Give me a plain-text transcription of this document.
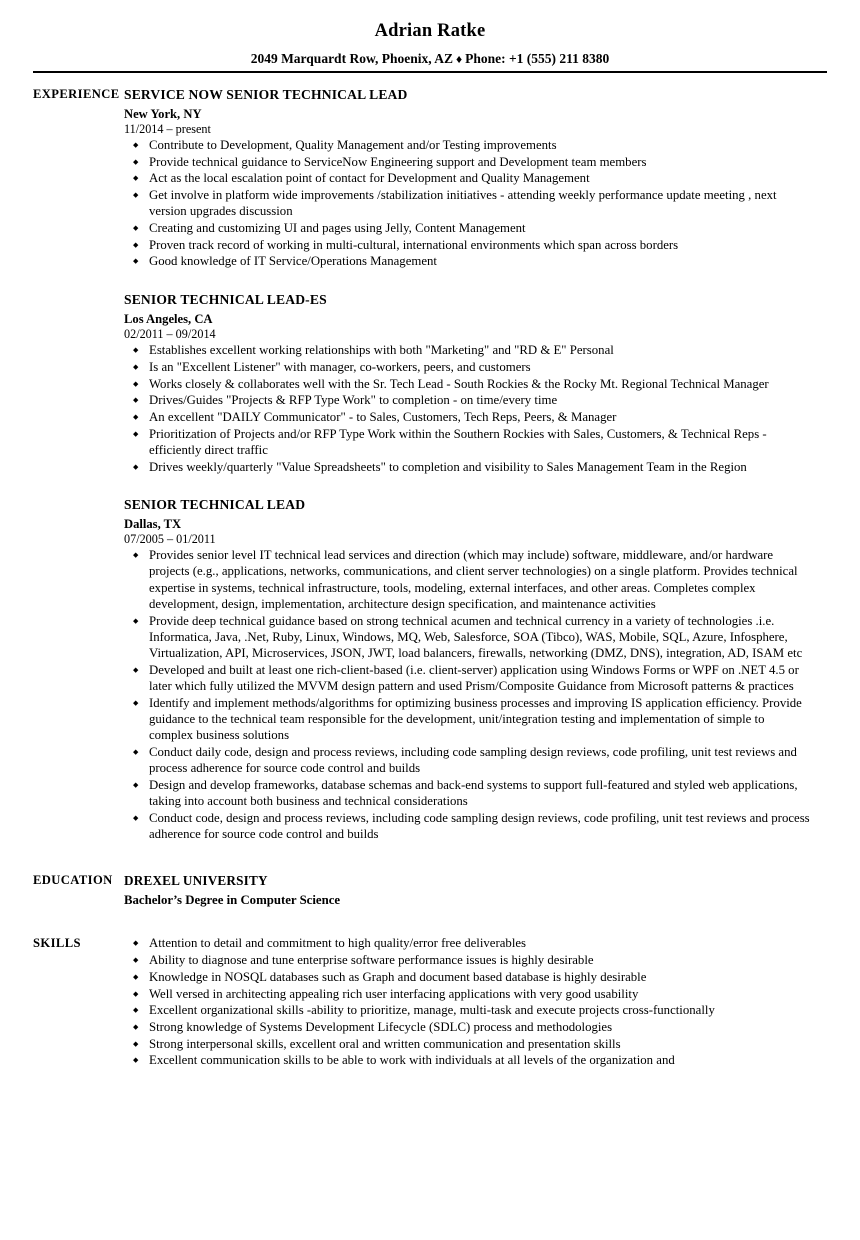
Adrian Ratke
2049 Marquardt Row, Phoenix, AZ ♦ Phone: +1 (555) 211 8380
EXPERIENCE SERVICE NOW SENIOR TECHNICAL LEAD
New York, NY
11/2014 – present
◆ Contribute to Development, Quality Management and/or Testing improvements
◆ Provide technical guidance to ServiceNow Engineering support and Development team members
◆ Act as the local escalation point of contact for Development and Quality Management
◆ Get involve in platform wide improvements /stabilization initiatives - attending weekly performance update meeting , next version upgrades discussion
◆ Creating and customizing UI and pages using Jelly, Content Management
◆ Proven track record of working in multi-cultural, international environments which span across borders
◆ Good knowledge of IT Service/Operations Management
SENIOR TECHNICAL LEAD-ES
Los Angeles, CA
02/2011 – 09/2014
◆ Establishes excellent working relationships with both "Marketing" and "RD & E" Personal
◆ Is an "Excellent Listener" with manager, co-workers, peers, and customers
◆ Works closely & collaborates well with the Sr. Tech Lead - South Rockies & the Rocky Mt. Regional Technical Manager
◆ Drives/Guides "Projects & RFP Type Work" to completion - on time/every time
◆ An excellent "DAILY Communicator" - to Sales, Customers, Tech Reps, Peers, & Manager
◆ Prioritization of Projects and/or RFP Type Work within the Southern Rockies with Sales, Customers, & Technical Reps - efficiently direct traffic
◆ Drives weekly/quarterly "Value Spreadsheets" to completion and visibility to Sales Management Team in the Region
SENIOR TECHNICAL LEAD
Dallas, TX
07/2005 – 01/2011
◆ Provides senior level IT technical lead services and direction (which may include) software, middleware, and/or hardware projects (e.g., applications, networks, communications, and client server technologies) on a single platform. Provides technical expertise in systems, technical infrastructure, tools, modeling, external interfaces, and other areas. Completes complex development, design, implementation, architecture design specification, and maintenance activities
◆ Provide deep technical guidance based on strong technical acumen and technical currency in a variety of technologies .i.e. Informatica, Java, .Net, Ruby, Linux, Windows, MQ, Web, Salesforce, SOA (Tibco), WAS, Mobile, SQL, Azure, Infosphere, Virtualization, API, Microservices, JSON, JWT, load balancers, firewalls, networking (DMZ, DNS), integration, AD, ISAM etc
◆ Developed and built at least one rich-client-based (i.e. client-server) application using Windows Forms or WPF on .NET 4.5 or later which fully utilized the MVVM design pattern and used Prism/Composite Guidance from Microsoft patterns & practices
◆ Identify and implement methods/algorithms for optimizing business processes and improving IS application efficiency. Provide guidance to the technical team responsible for the development, unit/integration testing and implementation of simple to complex business solutions
◆ Conduct daily code, design and process reviews, including code sampling design reviews, code profiling, unit test reviews and process adherence for source code control and builds
◆ Design and develop frameworks, database schemas and back-end systems to support full-featured and styled web applications, taking into account both business and technical considerations
◆ Conduct code, design and process reviews, including code sampling design reviews, code profiling, unit test reviews and process adherence for source code control and builds
EDUCATION DREXEL UNIVERSITY
Bachelor’s Degree in Computer Science
SKILLS	◆ Attention to detail and commitment to high quality/error free deliverables
◆ Ability to diagnose and tune enterprise software performance issues is highly desirable
◆ Knowledge in NOSQL databases such as Graph and document based database is highly desirable
◆ Well versed in architecting appealing rich user interfacing applications with very good usability
◆ Excellent organizational skills -ability to prioritize, manage, multi-task and execute projects cross-functionally
◆ Strong knowledge of Systems Development Lifecycle (SDLC) process and methodologies
◆ Strong interpersonal skills, excellent oral and written communication and presentation skills
◆ Excellent communication skills to be able to work with individuals at all levels of the organization and
